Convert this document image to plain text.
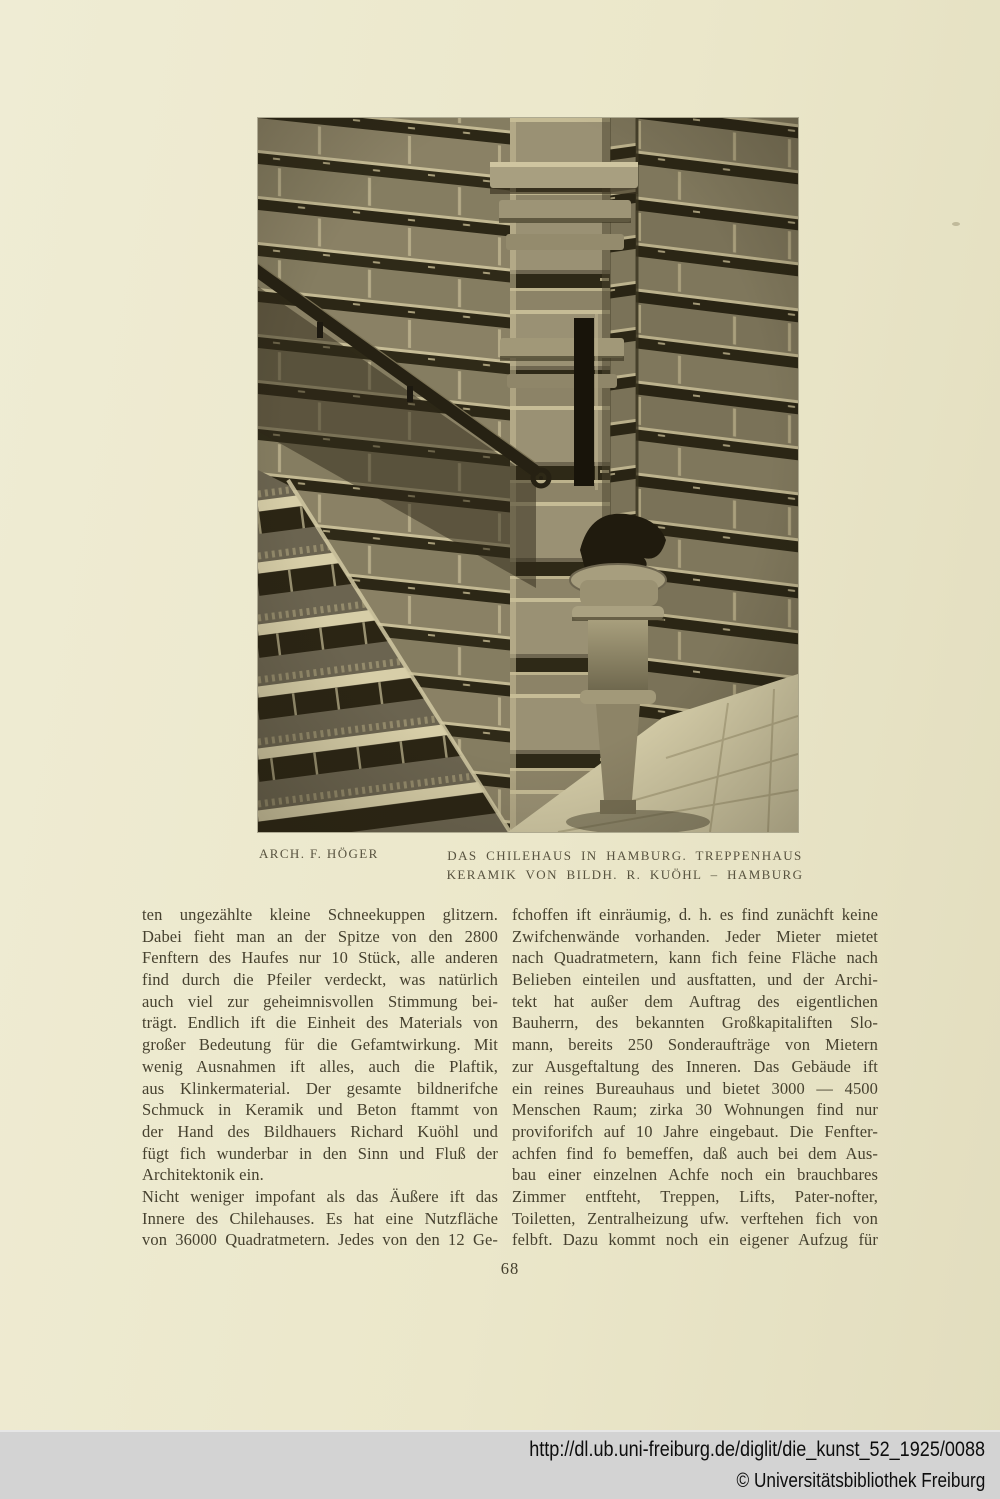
ARCH. F. HÖGER	DAS CHILEHAUS IN HAMBURG. TREPPENHAUS
KERAMIK VON BILDH. R. KUÖHL – HAMBURG
ten ungezählte kleine Schneekuppen glitzern.
Dabei fieht man an der Spitze von den 2800
Fenftern des Haufes nur 10 Stück, alle anderen
find durch die Pfeiler verdeckt, was natürlich
auch viel zur geheimnisvollen Stimmung bei-
trägt. Endlich ift die Einheit des Materials von
großer Bedeutung für die Gefamtwirkung. Mit
wenig Ausnahmen ift alles, auch die Plaftik,
aus Klinkermaterial. Der gesamte bildnerifche
Schmuck in Keramik und Beton ftammt von
der Hand des Bildhauers Richard Kuöhl und
fügt fich wunderbar in den Sinn und Fluß der
Architektonik ein.
Nicht weniger impofant als das Äußere ift das
Innere des Chilehauses. Es hat eine Nutzfläche
von 36000 Quadratmetern. Jedes von den 12 Ge-
fchoffen ift einräumig, d. h. es find zunächft keine
Zwifchenwände vorhanden. Jeder Mieter mietet
nach Quadratmetern, kann fich feine Fläche nach
Belieben einteilen und ausftatten, und der Archi-
tekt hat außer dem Auftrag des eigentlichen
Bauherrn, des bekannten Großkapitaliften Slo-
mann, bereits 250 Sonderaufträge von Mietern
zur Ausgeftaltung des Inneren. Das Gebäude ift
ein reines Bureauhaus und bietet 3000 — 4500
Menschen Raum; zirka 30 Wohnungen find nur
proviforifch auf 10 Jahre eingebaut. Die Fenfter-
achfen find fo bemeffen, daß auch bei dem Aus-
bau einer einzelnen Achfe noch ein brauchbares
Zimmer entfteht, Treppen, Lifts, Pater-nofter,
Toiletten, Zentralheizung ufw. verftehen fich von
felbft. Dazu kommt noch ein eigener Aufzug für
68
http://dl.ub.uni-freiburg.de/diglit/die_kunst_52_1925/0088
© Universitätsbibliothek Freiburg
